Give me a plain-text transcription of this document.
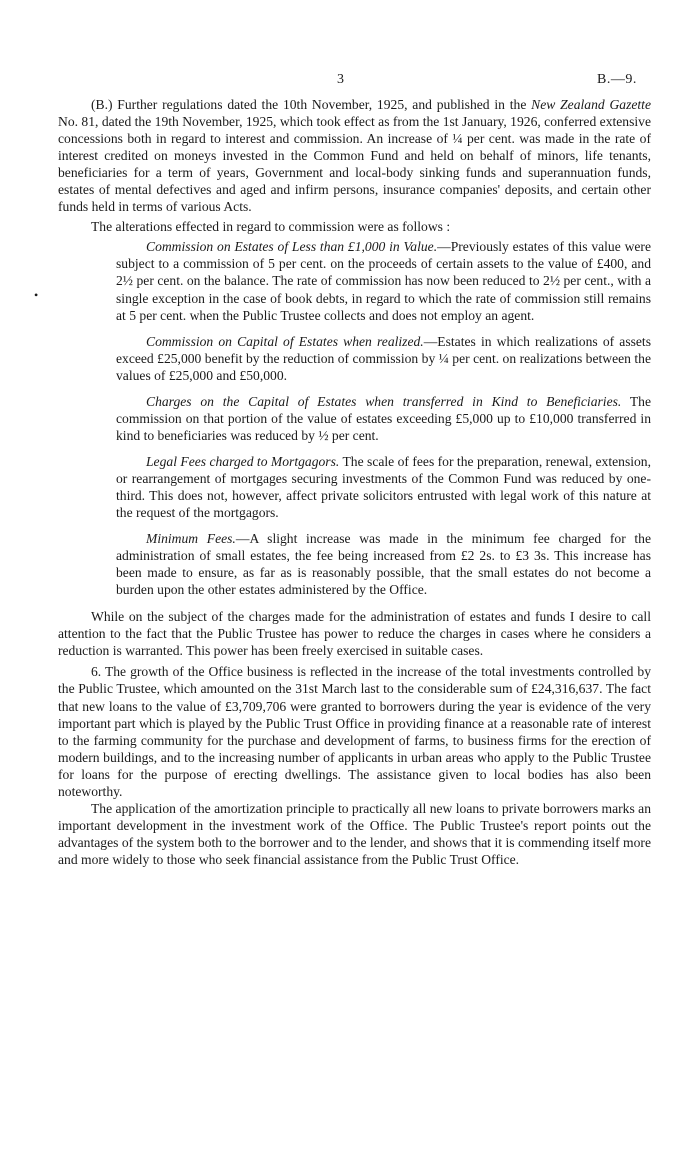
3	B.—9.
•

(B.) Further regulations dated the 10th November, 1925, and published in the New Zealand Gazette No. 81, dated the 19th November, 1925, which took effect as from the 1st January, 1926, conferred extensive concessions both in regard to interest and commission. An increase of ¼ per cent. was made in the rate of interest credited on moneys invested in the Common Fund and held on behalf of minors, life tenants, beneficiaries for a term of years, Government and local-body sinking funds and superannuation funds, estates of mental defectives and aged and infirm persons, insurance companies' deposits, and certain other funds held in terms of various Acts.

The alterations effected in regard to commission were as follows :

Commission on Estates of Less than £1,000 in Value.—Previously estates of this value were subject to a commission of 5 per cent. on the proceeds of certain assets to the value of £400, and 2½ per cent. on the balance. The rate of commission has now been reduced to 2½ per cent., with a single exception in the case of book debts, in regard to which the rate of commission still remains at 5 per cent. when the Public Trustee collects and does not employ an agent.

Commission on Capital of Estates when realized.—Estates in which realizations of assets exceed £25,000 benefit by the reduction of commission by ¼ per cent. on realizations between the values of £25,000 and £50,000.

Charges on the Capital of Estates when transferred in Kind to Beneficiaries. The commission on that portion of the value of estates exceeding £5,000 up to £10,000 transferred in kind to beneficiaries was reduced by ½ per cent.

Legal Fees charged to Mortgagors. The scale of fees for the preparation, renewal, extension, or rearrangement of mortgages securing investments of the Common Fund was reduced by one-third. This does not, however, affect private solicitors entrusted with legal work of this nature at the request of the mortgagors.

Minimum Fees.—A slight increase was made in the minimum fee charged for the administration of small estates, the fee being increased from £2 2s. to £3 3s. This increase has been made to ensure, as far as is reasonably possible, that the small estates do not become a burden upon the other estates administered by the Office.

While on the subject of the charges made for the administration of estates and funds I desire to call attention to the fact that the Public Trustee has power to reduce the charges in cases where he considers a reduction is warranted. This power has been freely exercised in suitable cases.

6. The growth of the Office business is reflected in the increase of the total investments controlled by the Public Trustee, which amounted on the 31st March last to the considerable sum of £24,316,637. The fact that new loans to the value of £3,709,706 were granted to borrowers during the year is evidence of the very important part which is played by the Public Trust Office in providing finance at a reasonable rate of interest to the farming community for the purchase and development of farms, to business firms for the erection of modern buildings, and to the increasing number of applicants in urban areas who apply to the Public Trustee for loans for the purpose of erecting dwellings. The assistance given to local bodies has also been noteworthy.

The application of the amortization principle to practically all new loans to private borrowers marks an important development in the investment work of the Office. The Public Trustee's report points out the advantages of the system both to the borrower and to the lender, and shows that it is commending itself more and more widely to those who seek financial assistance from the Public Trust Office.
